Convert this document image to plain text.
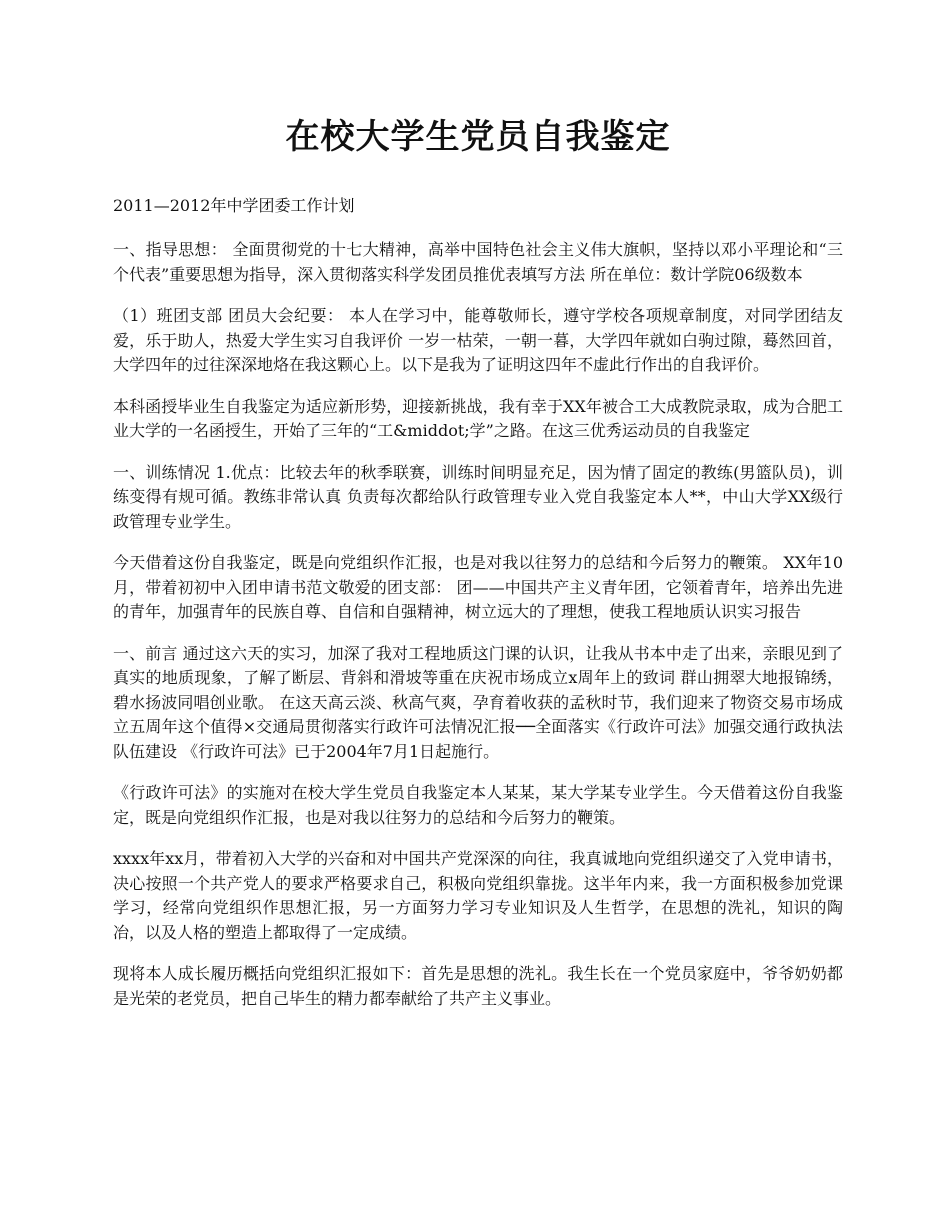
在校大学生党员自我鉴定

2011—2012年中学团委工作计划

一、指导思想： 全面贯彻党的十七大精神，高举中国特色社会主义伟大旗帜，坚持以邓小平理论和“三个代表”重要思想为指导，深入贯彻落实科学发团员推优表填写方法 所在单位：数计学院06级数本

（1）班团支部 团员大会纪要： 本人在学习中，能尊敬师长，遵守学校各项规章制度，对同学团结友爱，乐于助人，热爱大学生实习自我评价 一岁一枯荣，一朝一暮，大学四年就如白驹过隙，蓦然回首，大学四年的过往深深地烙在我这颗心上。以下是我为了证明这四年不虚此行作出的自我评价。

本科函授毕业生自我鉴定为适应新形势，迎接新挑战，我有幸于XX年被合工大成教院录取，成为合肥工业大学的一名函授生，开始了三年的“工&middot;学”之路。在这三优秀运动员的自我鉴定

一、训练情况 1.优点：比较去年的秋季联赛，训练时间明显充足，因为情了固定的教练(男篮队员)，训练变得有规可循。教练非常认真 负责每次都给队行政管理专业入党自我鉴定本人**，中山大学XX级行政管理专业学生。

今天借着这份自我鉴定，既是向党组织作汇报，也是对我以往努力的总结和今后努力的鞭策。 XX年10月，带着初初中入团申请书范文敬爱的团支部： 团——中国共产主义青年团，它领着青年，培养出先进的青年，加强青年的民族自尊、自信和自强精神，树立远大的了理想，使我工程地质认识实习报告

一、前言 通过这六天的实习，加深了我对工程地质这门课的认识，让我从书本中走了出来，亲眼见到了真实的地质现象，了解了断层、背斜和滑坡等重在庆祝市场成立x周年上的致词 群山拥翠大地报锦绣，碧水扬波同唱创业歌。 在这天高云淡、秋高气爽，孕育着收获的孟秋时节，我们迎来了物资交易市场成立五周年这个值得×交通局贯彻落实行政许可法情况汇报──全面落实《行政许可法》加强交通行政执法队伍建设 《行政许可法》已于2004年7月1日起施行。

《行政许可法》的实施对在校大学生党员自我鉴定本人某某，某大学某专业学生。今天借着这份自我鉴定，既是向党组织作汇报，也是对我以往努力的总结和今后努力的鞭策。

xxxx年xx月，带着初入大学的兴奋和对中国共产党深深的向往，我真诚地向党组织递交了入党申请书，决心按照一个共产党人的要求严格要求自己，积极向党组织靠拢。这半年内来，我一方面积极参加党课学习，经常向党组织作思想汇报，另一方面努力学习专业知识及人生哲学，在思想的洗礼，知识的陶冶，以及人格的塑造上都取得了一定成绩。

现将本人成长履历概括向党组织汇报如下：首先是思想的洗礼。我生长在一个党员家庭中，爷爷奶奶都是光荣的老党员，把自己毕生的精力都奉献给了共产主义事业。
